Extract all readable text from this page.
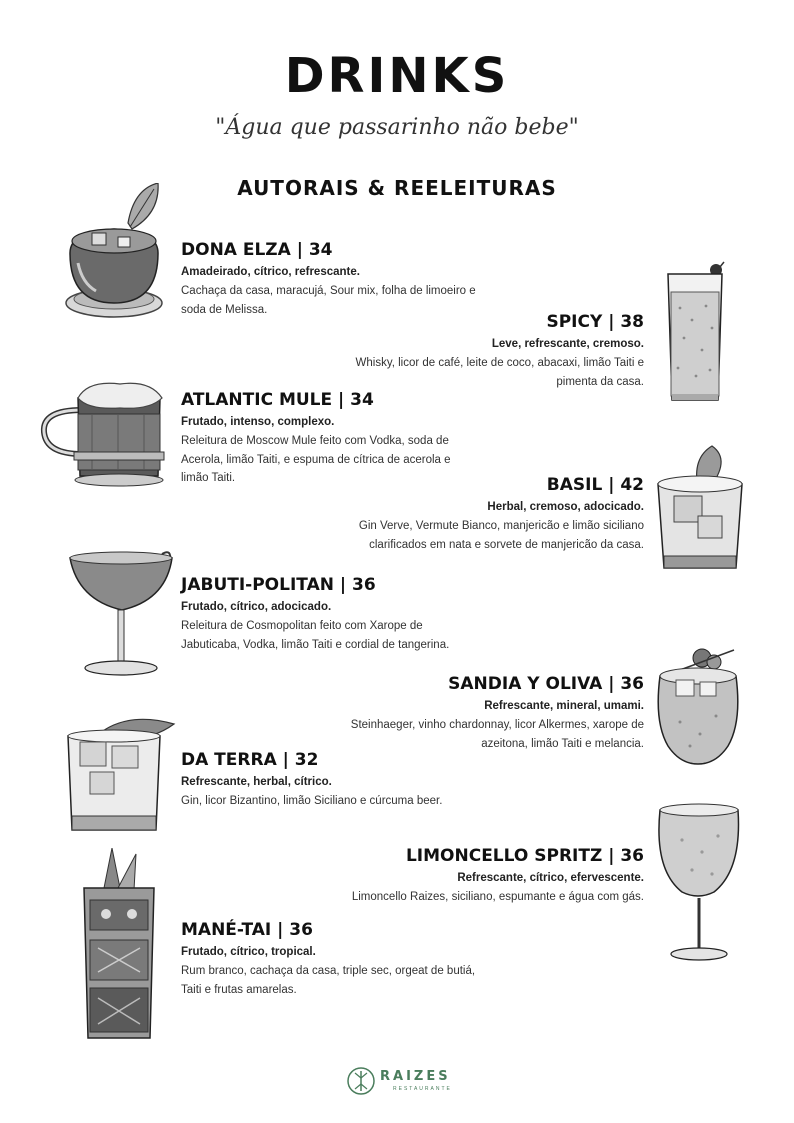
DRINKS
"Água que passarinho não bebe"
AUTORAIS & REELEITURAS
DONA ELZA | 34
Amadeirado, cítrico, refrescante.
Cachaça da casa, maracujá, Sour mix, folha de limoeiro e soda de Melissa.
SPICY | 38
Leve, refrescante, cremoso.
Whisky, licor de café, leite de coco, abacaxi, limão Taiti e pimenta da casa.
ATLANTIC MULE | 34
Frutado, intenso, complexo.
Releitura de Moscow Mule feito com Vodka, soda de Acerola, limão Taiti, e espuma de cítrica de acerola e limão Taiti.	BASIL | 42
Herbal, cremoso, adocicado.
Gin Verve, Vermute Bianco, manjericão e limão siciliano clarificados em nata e sorvete de manjericão da casa.
JABUTI-POLITAN | 36
Frutado, cítrico, adocicado.
Releitura de Cosmopolitan feito com Xarope de Jabuticaba, Vodka, limão Taiti e cordial de tangerina.
SANDIA Y OLIVA | 36
Refrescante, mineral, umami.
Steinhaeger, vinho chardonnay, licor Alkermes, xarope de azeitona, limão Taiti e melancia.
DA TERRA | 32
Refrescante, herbal, cítrico.
Gin, licor Bizantino, limão Siciliano e cúrcuma beer.
LIMONCELLO SPRITZ | 36
Refrescante, cítrico, efervescente.
Limoncello Raizes, siciliano, espumante e água com gás.
MANÉ-TAI | 36
Frutado, cítrico, tropical.
Rum branco, cachaça da casa, triple sec, orgeat de butiá, Taiti e frutas amarelas.
RAIZES
RESTAURANTE
